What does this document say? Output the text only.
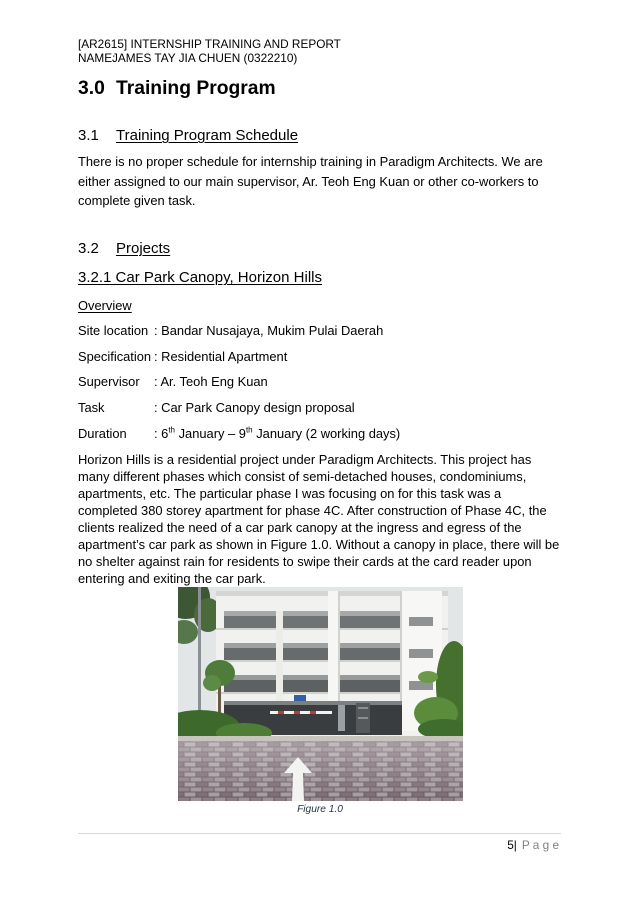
[AR2615] INTERNSHIP TRAINING AND REPORT
NAME:
JAMES TAY JIA CHUEN (0322210)
3.0 Training Program
3.1 Training Program Schedule
There is no proper schedule for internship training in Paradigm Architects. We are
either assigned to our main supervisor, Ar. Teoh Eng Kuan or other co-workers to
complete given task.
3.2 Projects
3.2.1 Car Park Canopy, Horizon Hills
Overview
Site location : Bandar Nusajaya, Mukim Pulai Daerah
Specification : Residential Apartment
Supervisor : Ar. Teoh Eng Kuan
Task	: Car Park Canopy design proposal
Duration : 6th January – 9th January (2 working days)
Horizon Hills is a residential project under Paradigm Architects. This project has
many different phases which consist of semi-detached houses, condominiums,
apartments, etc. The particular phase I was focusing on for this task was a
completed 380 storey apartment for phase 4C. After construction of Phase 4C, the
clients realized the need of a car park canopy at the ingress and egress of the
apartment’s car park as shown in Figure 1.0. Without a canopy in place, there will be
no shelter against rain for residents to swipe their cards at the card reader upon
entering and exiting the car park.
Figure 1.0
5| P a g e
